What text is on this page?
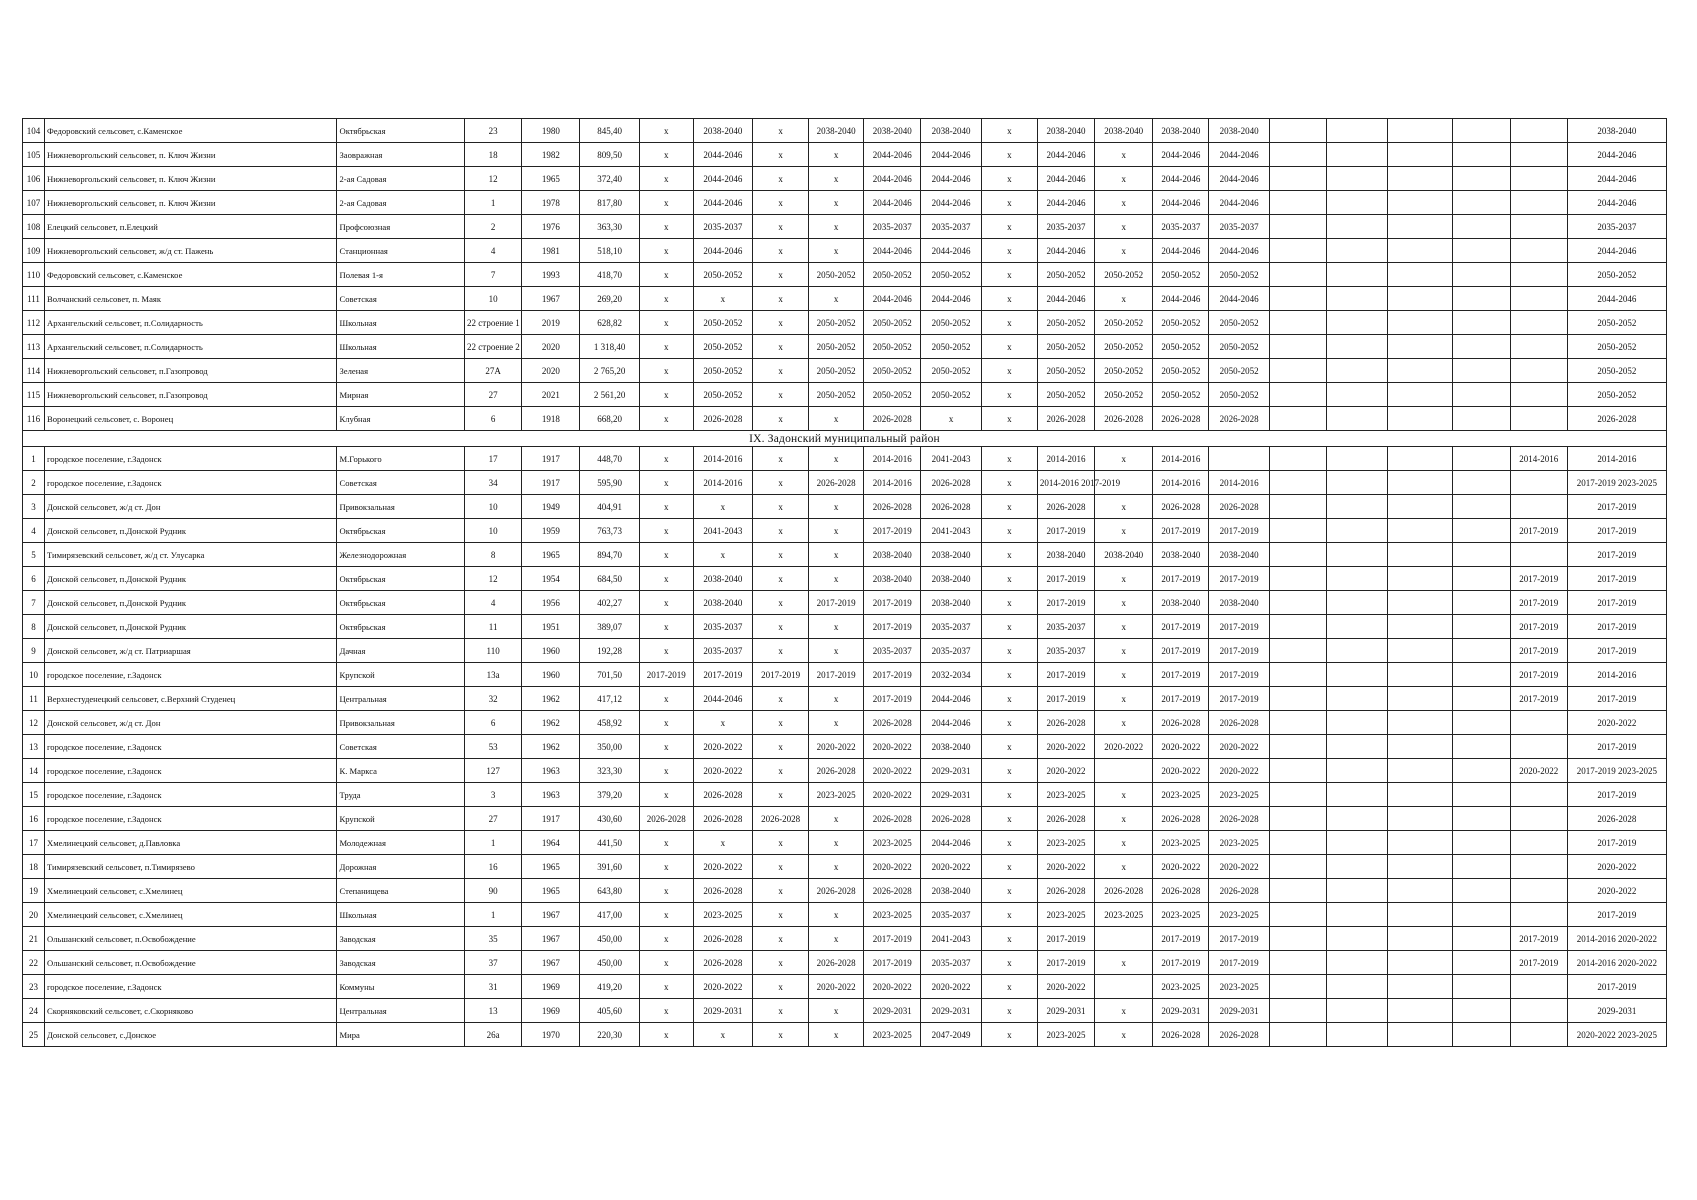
104	Федоровский сельсовет, с.Каменское	Октябрьская	23	1980	845,40	х	2038-2040	х	2038-2040	2038-2040	2038-2040	х	2038-2040	2038-2040	2038-2040	2038-2040						2038-2040
105	Нижневоргольский сельсовет, п. Ключ Жизни	Заовражная	18	1982	809,50	х	2044-2046	х	х	2044-2046	2044-2046	х	2044-2046	х	2044-2046	2044-2046						2044-2046
106	Нижневоргольский сельсовет, п. Ключ Жизни	2-ая Садовая	12	1965	372,40	х	2044-2046	х	х	2044-2046	2044-2046	х	2044-2046	х	2044-2046	2044-2046						2044-2046
107	Нижневоргольский сельсовет, п. Ключ Жизни	2-ая Садовая	1	1978	817,80	х	2044-2046	х	х	2044-2046	2044-2046	х	2044-2046	х	2044-2046	2044-2046						2044-2046
108	Елецкий сельсовет, п.Елецкий	Профсоюзная	2	1976	363,30	х	2035-2037	х	х	2035-2037	2035-2037	х	2035-2037	х	2035-2037	2035-2037						2035-2037
109	Нижневоргольский сельсовет, ж/д ст. Пажень	Станционная	4	1981	518,10	х	2044-2046	х	х	2044-2046	2044-2046	х	2044-2046	х	2044-2046	2044-2046						2044-2046
110	Федоровский сельсовет, с.Каменское	Полевая 1-я	7	1993	418,70	х	2050-2052	х	2050-2052	2050-2052	2050-2052	х	2050-2052	2050-2052	2050-2052	2050-2052						2050-2052
111	Волчанский сельсовет, п. Маяк	Советская	10	1967	269,20	х	х	х	х	2044-2046	2044-2046	х	2044-2046	х	2044-2046	2044-2046						2044-2046
112	Архангельский сельсовет, п.Солидарность	Школьная	22 строение 1	2019	628,82	х	2050-2052	х	2050-2052	2050-2052	2050-2052	х	2050-2052	2050-2052	2050-2052	2050-2052						2050-2052
113	Архангельский сельсовет, п.Солидарность	Школьная	22 строение 2	2020	1 318,40	х	2050-2052	х	2050-2052	2050-2052	2050-2052	х	2050-2052	2050-2052	2050-2052	2050-2052						2050-2052
114	Нижневоргольский сельсовет, п.Газопровод	Зеленая	27А	2020	2 765,20	х	2050-2052	х	2050-2052	2050-2052	2050-2052	х	2050-2052	2050-2052	2050-2052	2050-2052						2050-2052
115	Нижневоргольский сельсовет, п.Газопровод	Мирная	27	2021	2 561,20	х	2050-2052	х	2050-2052	2050-2052	2050-2052	х	2050-2052	2050-2052	2050-2052	2050-2052						2050-2052
116	Воронецкий сельсовет, с. Воронец	Клубная	6	1918	668,20	х	2026-2028	х	х	2026-2028	х	х	2026-2028	2026-2028	2026-2028	2026-2028						2026-2028
IX. Задонский муниципальный район																						
1	городское поселение, г.Задонск	М.Горького	17	1917	448,70	х	2014-2016	х	х	2014-2016	2041-2043	х	2014-2016	х	2014-2016						2014-2016	2014-2016
2	городское поселение, г.Задонск	Советская	34	1917	595,90	х	2014-2016	х	2026-2028	2014-2016	2026-2028	х	2014-2016 2017-2019		2014-2016	2014-2016						2017-2019 2023-2025
3	Донской сельсовет, ж/д ст. Дон	Привокзальная	10	1949	404,91	х	х	х	х	2026-2028	2026-2028	х	2026-2028	х	2026-2028	2026-2028						2017-2019
4	Донской сельсовет, п.Донской Рудник	Октябрьская	10	1959	763,73	х	2041-2043	х	х	2017-2019	2041-2043	х	2017-2019	х	2017-2019	2017-2019					2017-2019	2017-2019
5	Тимирязевский сельсовет, ж/д ст. Улусарка	Железнодорожная	8	1965	894,70	х	х	х	х	2038-2040	2038-2040	х	2038-2040	2038-2040	2038-2040	2038-2040						2017-2019
6	Донской сельсовет, п.Донской Рудник	Октябрьская	12	1954	684,50	х	2038-2040	х	х	2038-2040	2038-2040	х	2017-2019	х	2017-2019	2017-2019					2017-2019	2017-2019
7	Донской сельсовет, п.Донской Рудник	Октябрьская	4	1956	402,27	х	2038-2040	х	2017-2019	2017-2019	2038-2040	х	2017-2019	х	2038-2040	2038-2040					2017-2019	2017-2019
8	Донской сельсовет, п.Донской Рудник	Октябрьская	11	1951	389,07	х	2035-2037	х	х	2017-2019	2035-2037	х	2035-2037	х	2017-2019	2017-2019					2017-2019	2017-2019
9	Донской сельсовет, ж/д ст. Патриаршая	Дачная	110	1960	192,28	х	2035-2037	х	х	2035-2037	2035-2037	х	2035-2037	х	2017-2019	2017-2019					2017-2019	2017-2019
10	городское поселение, г.Задонск	Крупской	13а	1960	701,50	2017-2019	2017-2019	2017-2019	2017-2019	2017-2019	2032-2034	х	2017-2019	х	2017-2019	2017-2019					2017-2019	2014-2016
11	Верхнестуденецкий сельсовет, с.Верхний Студенец	Центральная	32	1962	417,12	х	2044-2046	х	х	2017-2019	2044-2046	х	2017-2019	х	2017-2019	2017-2019					2017-2019	2017-2019
12	Донской сельсовет, ж/д ст. Дон	Привокзальная	6	1962	458,92	х	х	х	х	2026-2028	2044-2046	х	2026-2028	х	2026-2028	2026-2028						2020-2022
13	городское поселение, г.Задонск	Советская	53	1962	350,00	х	2020-2022	х	2020-2022	2020-2022	2038-2040	х	2020-2022	2020-2022	2020-2022	2020-2022						2017-2019
14	городское поселение, г.Задонск	К. Маркса	127	1963	323,30	х	2020-2022	х	2026-2028	2020-2022	2029-2031	х	2020-2022		2020-2022	2020-2022					2020-2022	2017-2019 2023-2025
15	городское поселение, г.Задонск	Труда	3	1963	379,20	х	2026-2028	х	2023-2025	2020-2022	2029-2031	х	2023-2025	х	2023-2025	2023-2025						2017-2019
16	городское поселение, г.Задонск	Крупской	27	1917	430,60	2026-2028	2026-2028	2026-2028	х	2026-2028	2026-2028	х	2026-2028	х	2026-2028	2026-2028						2026-2028
17	Хмелинецкий сельсовет, д.Павловка	Молодежная	1	1964	441,50	х	х	х	х	2023-2025	2044-2046	х	2023-2025	х	2023-2025	2023-2025						2017-2019
18	Тимирязевский сельсовет, п.Тимирязево	Дорожная	16	1965	391,60	х	2020-2022	х	х	2020-2022	2020-2022	х	2020-2022	х	2020-2022	2020-2022						2020-2022
19	Хмелинецкий сельсовет, с.Хмелинец	Степанищева	90	1965	643,80	х	2026-2028	х	2026-2028	2026-2028	2038-2040	х	2026-2028	2026-2028	2026-2028	2026-2028						2020-2022
20	Хмелинецкий сельсовет, с.Хмелинец	Школьная	1	1967	417,00	х	2023-2025	х	х	2023-2025	2035-2037	х	2023-2025	2023-2025	2023-2025	2023-2025						2017-2019
21	Ольшанский сельсовет, п.Освобождение	Заводская	35	1967	450,00	х	2026-2028	х	х	2017-2019	2041-2043	х	2017-2019		2017-2019	2017-2019					2017-2019	2014-2016 2020-2022
22	Ольшанский сельсовет, п.Освобождение	Заводская	37	1967	450,00	х	2026-2028	х	2026-2028	2017-2019	2035-2037	х	2017-2019	х	2017-2019	2017-2019					2017-2019	2014-2016 2020-2022
23	городское поселение, г.Задонск	Коммуны	31	1969	419,20	х	2020-2022	х	2020-2022	2020-2022	2020-2022	х	2020-2022		2023-2025	2023-2025						2017-2019
24	Скорняковский сельсовет, с.Скорняково	Центральная	13	1969	405,60	х	2029-2031	х	х	2029-2031	2029-2031	х	2029-2031	х	2029-2031	2029-2031						2029-2031
25	Донской сельсовет, с.Донское	Мира	26а	1970	220,30	х	х	х	х	2023-2025	2047-2049	х	2023-2025	х	2026-2028	2026-2028						2020-2022 2023-2025
